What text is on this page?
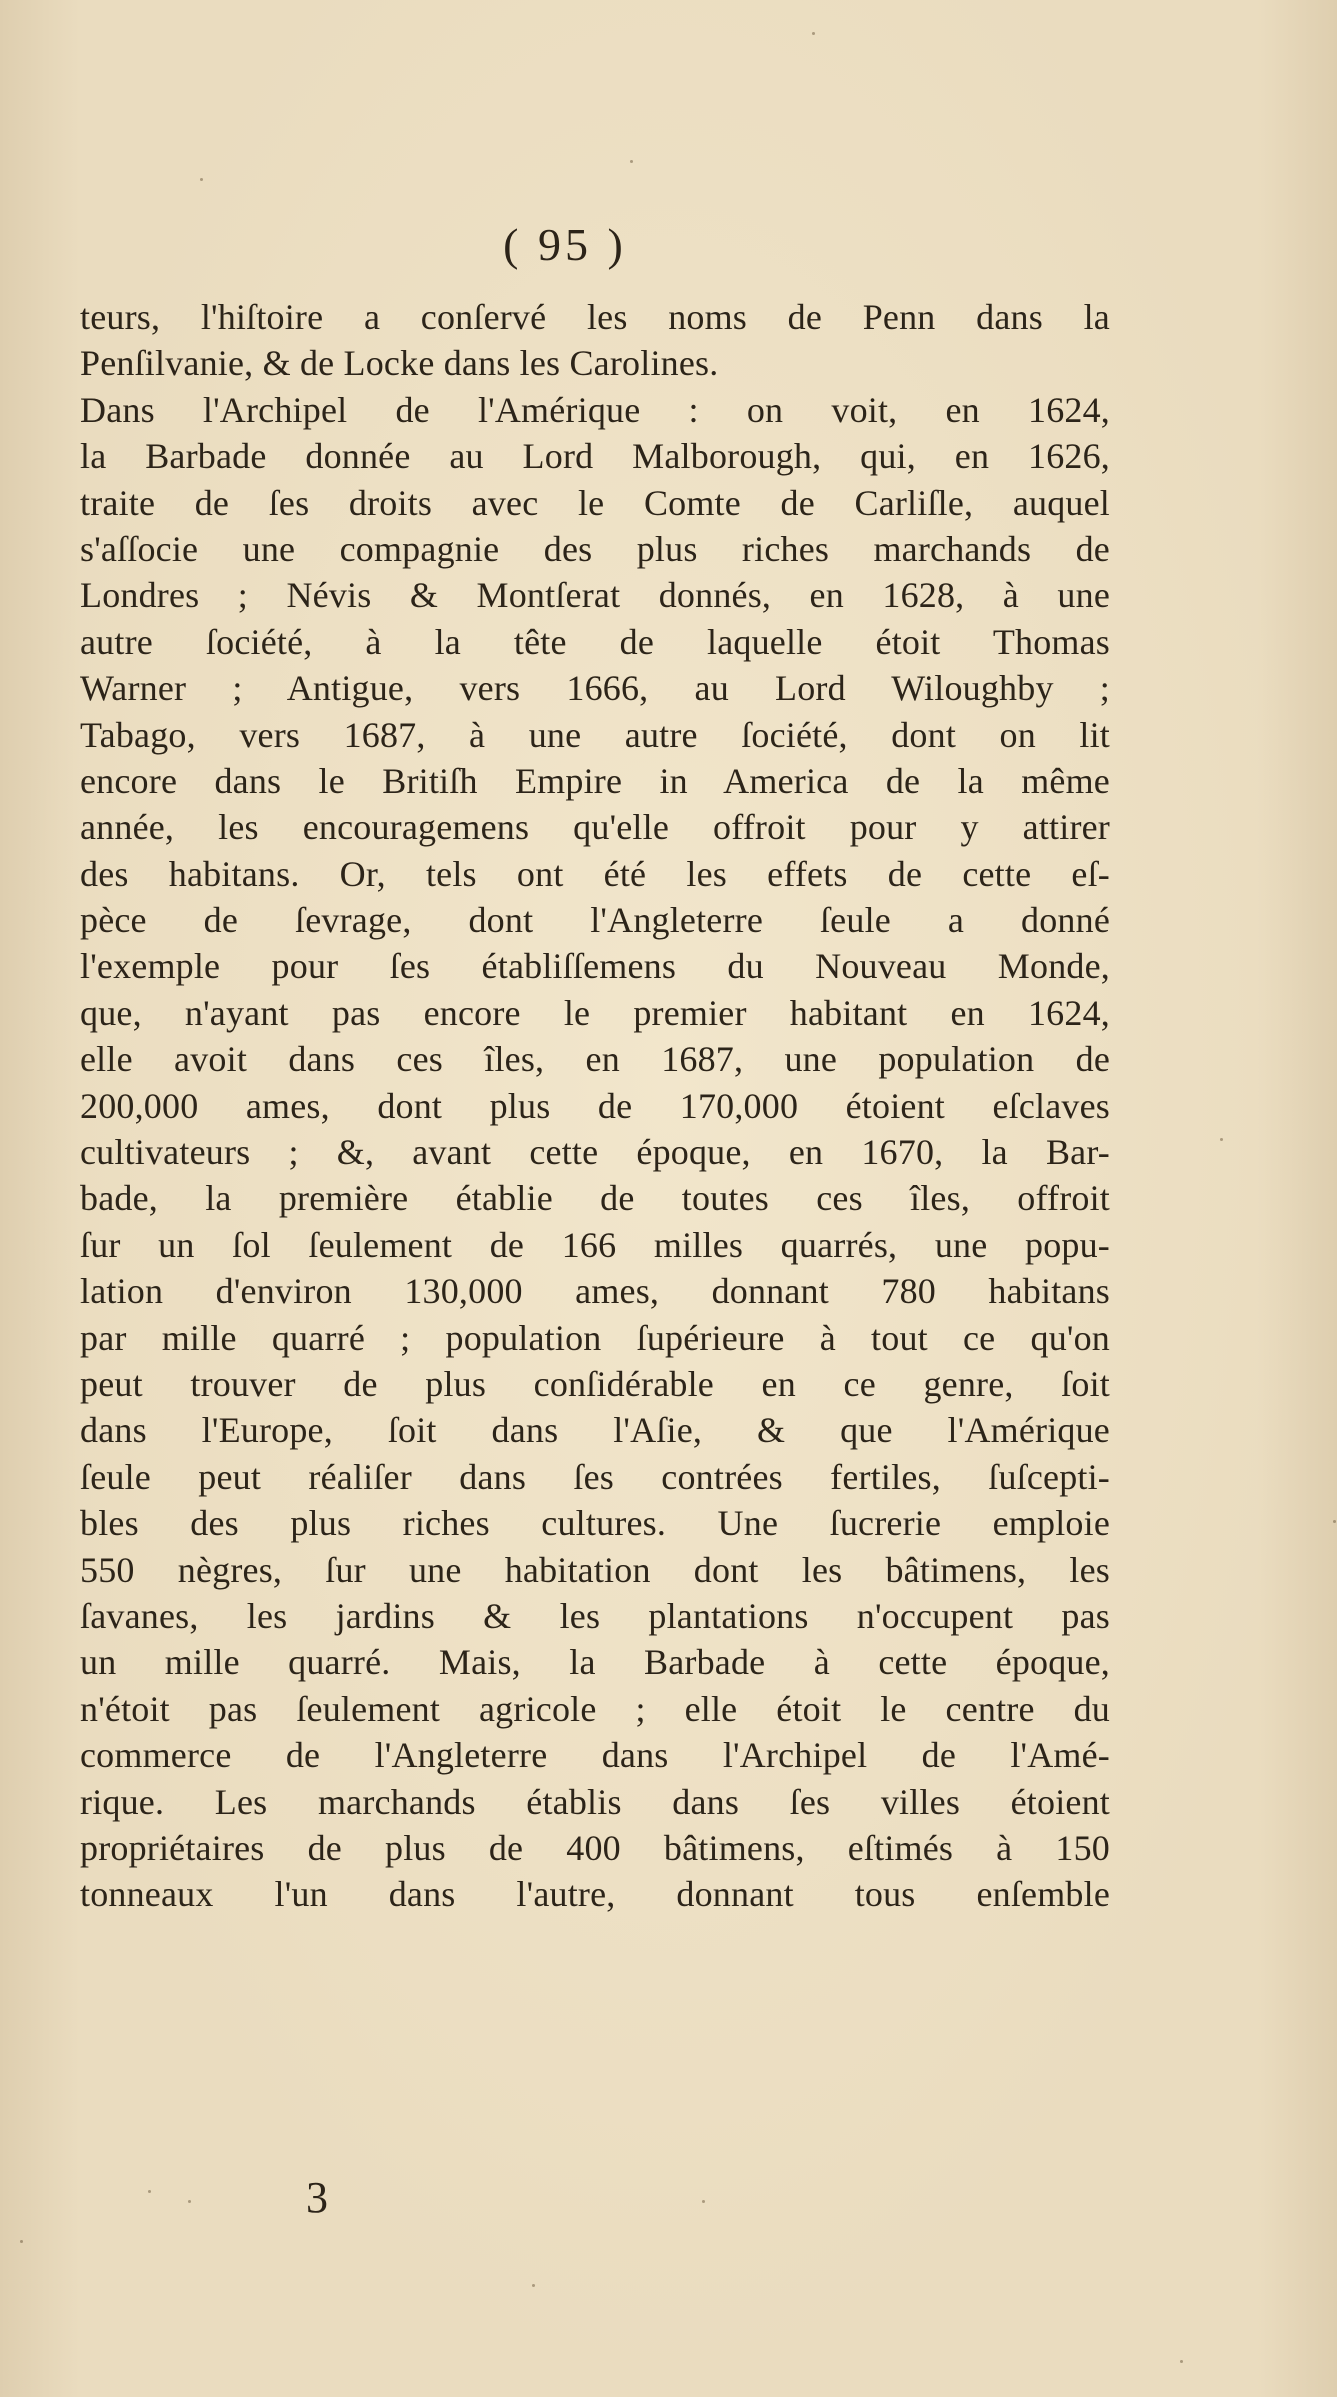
( 95 )
teurs, l'hiſtoire a conſervé les noms de Penn dans la
Penſilvanie, & de Locke dans les Carolines.
Dans l'Archipel de l'Amérique : on voit, en 1624,
la Barbade donnée au Lord Malborough, qui, en 1626,
traite de ſes droits avec le Comte de Carliſle, auquel
s'aſſocie une compagnie des plus riches marchands de
Londres ; Névis & Montſerat donnés, en 1628, à une
autre ſociété, à la tête de laquelle étoit Thomas
Warner ; Antigue, vers 1666, au Lord Wiloughby ;
Tabago, vers 1687, à une autre ſociété, dont on lit
encore dans le Britiſh Empire in America de la même
année, les encouragemens qu'elle offroit pour y attirer
des habitans. Or, tels ont été les effets de cette eſ-
pèce de ſevrage, dont l'Angleterre ſeule a donné
l'exemple pour ſes établiſſemens du Nouveau Monde,
que, n'ayant pas encore le premier habitant en 1624,
elle avoit dans ces îles, en 1687, une population de
200,000 ames, dont plus de 170,000 étoient eſclaves
cultivateurs ; &, avant cette époque, en 1670, la Bar-
bade, la première établie de toutes ces îles, offroit
ſur un ſol ſeulement de 166 milles quarrés, une popu-
lation d'environ 130,000 ames, donnant 780 habitans
par mille quarré ; population ſupérieure à tout ce qu'on
peut trouver de plus conſidérable en ce genre, ſoit
dans l'Europe, ſoit dans l'Aſie, & que l'Amérique
ſeule peut réaliſer dans ſes contrées fertiles, ſuſcepti-
bles des plus riches cultures. Une ſucrerie emploie
550 nègres, ſur une habitation dont les bâtimens, les
ſavanes, les jardins & les plantations n'occupent pas
un mille quarré. Mais, la Barbade à cette époque,
n'étoit pas ſeulement agricole ; elle étoit le centre du
commerce de l'Angleterre dans l'Archipel de l'Amé-
rique. Les marchands établis dans ſes villes étoient
propriétaires de plus de 400 bâtimens, eſtimés à 150
tonneaux l'un dans l'autre, donnant tous enſemble
3
